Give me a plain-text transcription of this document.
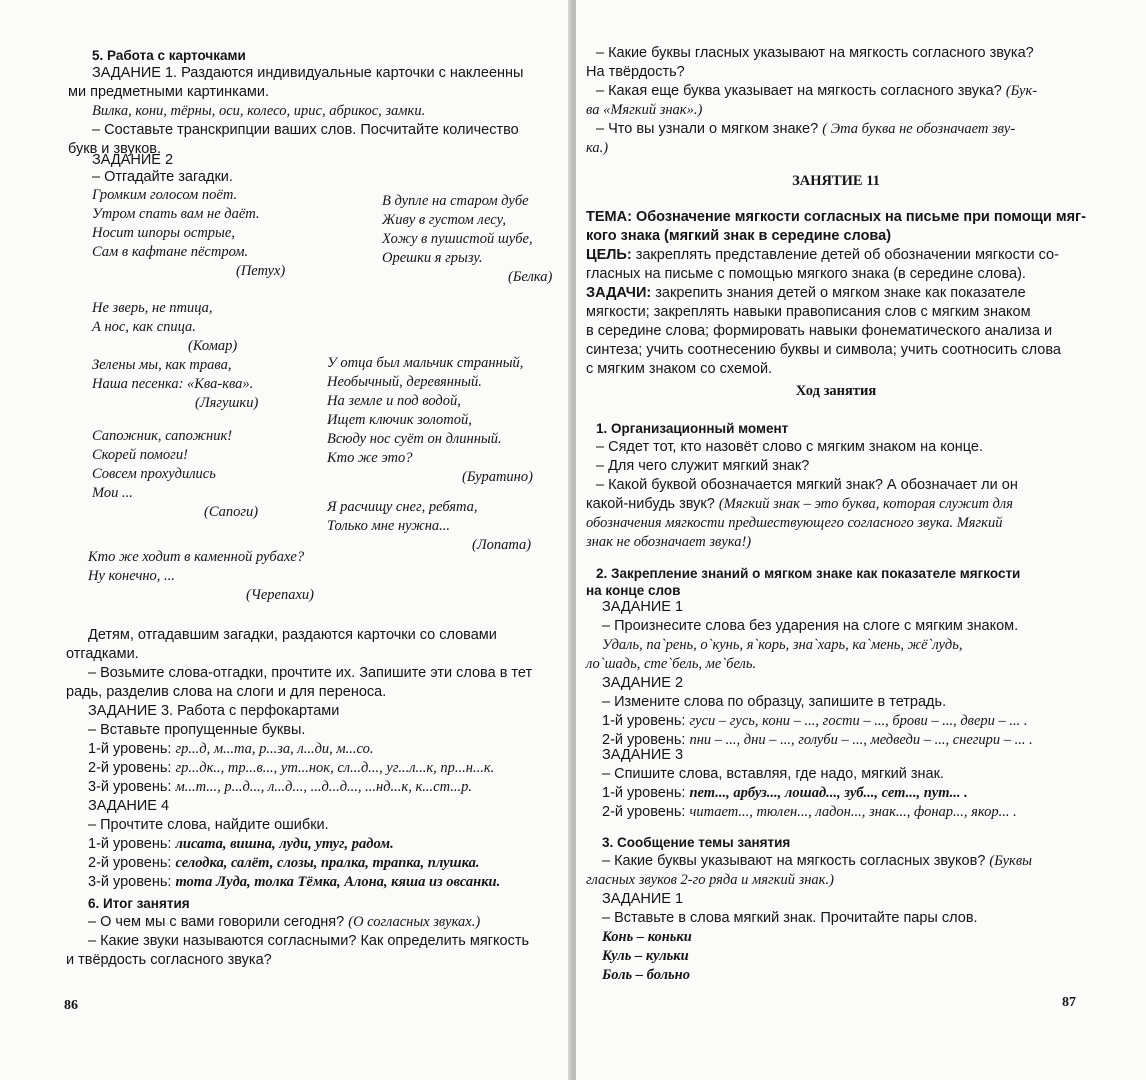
5. Работа с карточками
ЗАДАНИЕ 1. Раздаются индивидуальные карточки с наклеенны
ми предметными картинками.
Вилка, кони, тёрны, оси, колесо, ирис, абрикос, замки.
– Составьте транскрипции ваших слов. Посчитайте количество
букв и звуков.
ЗАДАНИЕ 2
– Отгадайте загадки.
Громким голосом поёт.
Утром спать вам не даёт.
Носит шпоры острые,
Сам в кафтане пёстром.
(Петух)
В дупле на старом дубе
Живу в густом лесу,
Хожу в пушистой шубе,
Орешки я грызу.
(Белка)
Не зверь, не птица,
А нос, как спица.
(Комар)
Зелены мы, как трава,
Наша песенка: «Ква-ква».
(Лягушки)
У отца был мальчик странный,
Необычный, деревянный.
На земле и под водой,
Ищет ключик золотой,
Всюду нос суёт он длинный.
Кто же это?
(Буратино)
Сапожник, сапожник!
Скорей помоги!
Совсем прохудились
Мои ...
(Сапоги)	Я расчищу снег, ребята,
Только мне нужна...
(Лопата)
Кто же ходит в каменной рубахе?
Ну конечно, ...
(Черепахи)
Детям, отгадавшим загадки, раздаются карточки со словами
отгадками.
– Возьмите слова-отгадки, прочтите их. Запишите эти слова в тет
радь, разделив слова на слоги и для переноса.
ЗАДАНИЕ 3. Работа с перфокартами
– Вставьте пропущенные буквы.
1-й уровень: гр...д, м...та, р...за, л...ди, м...со.
2-й уровень: гр...дк.., тр...в..., ут...нок, сл...д..., уг...л...к, пр...н...к.
3-й уровень: м...т..., р...д..., л...д..., ...д...д..., ...нд...к, к...ст...р.
ЗАДАНИЕ 4
– Прочтите слова, найдите ошибки.
1-й уровень: лисата, вишна, луди, утуг, радом.
2-й уровень: селодка, салёт, слозы, пралка, трапка, плушка.
3-й уровень: тота Луда, толка Тёмка, Алона, кяша из овсанки.
6. Итог занятия
– О чем мы с вами говорили сегодня? (О согласных звуках.)
– Какие звуки называются согласными? Как определить мягкость
и твёрдость согласного звука?
86
– Какие буквы гласных указывают на мягкость согласного звука?
На твёрдость?
– Какая еще буква указывает на мягкость согласного звука? (Бук-
ва «Мягкий знак».)
– Что вы узнали о мягком знаке? ( Эта буква не обозначает зву-
ка.)
ЗАНЯТИЕ 11
ТЕМА: Обозначение мягкости согласных на письме при помощи мяг-
кого знака (мягкий знак в середине слова)
ЦЕЛЬ: закреплять представление детей об обозначении мягкости со-
гласных на письме с помощью мягкого знака (в середине слова).
ЗАДАЧИ: закрепить знания детей о мягком знаке как показателе
мягкости; закреплять навыки правописания слов с мягким знаком
в середине слова; формировать навыки фонематического анализа и
синтеза; учить соотнесению буквы и символа; учить соотносить слова
с мягким знаком со схемой.
Ход занятия
1. Организационный момент
– Сядет тот, кто назовёт слово с мягким знаком на конце.
– Для чего служит мягкий знак?
– Какой буквой обозначается мягкий знак? А обозначает ли он
какой-нибудь звук? (Мягкий знак – это буква, которая служит для
обозначения мягкости предшествующего согласного звука. Мягкий
знак не обозначает звука!)
2. Закрепление знаний о мягком знаке как показателе мягкости
на конце слов
ЗАДАНИЕ 1
– Произнесите слова без ударения на слоге с мягким знаком.
Удаль, па`рень, о`кунь, я`корь, зна`харь, ка`мень, жё`лудь,
ло`шадь, сте`бель, ме`бель.
ЗАДАНИЕ 2
– Измените слова по образцу, запишите в тетрадь.
1-й уровень: гуси – гусь, кони – ..., гости – ..., брови – ..., двери – ... .
2-й уровень: пни – ..., дни – ..., голуби – ..., медведи – ..., снегири – ... .
ЗАДАНИЕ 3
– Спишите слова, вставляя, где надо, мягкий знак.
1-й уровень: пет..., арбуз..., лошад..., зуб..., сет..., пут... .
2-й уровень: читает..., тюлен..., ладон..., знак..., фонар..., якор... .
3. Сообщение темы занятия
– Какие буквы указывают на мягкость согласных звуков? (Буквы
гласных звуков 2-го ряда и мягкий знак.)
ЗАДАНИЕ 1
– Вставьте в слова мягкий знак. Прочитайте пары слов.
Конь – коньки
Куль – кульки
Боль – больно
87
